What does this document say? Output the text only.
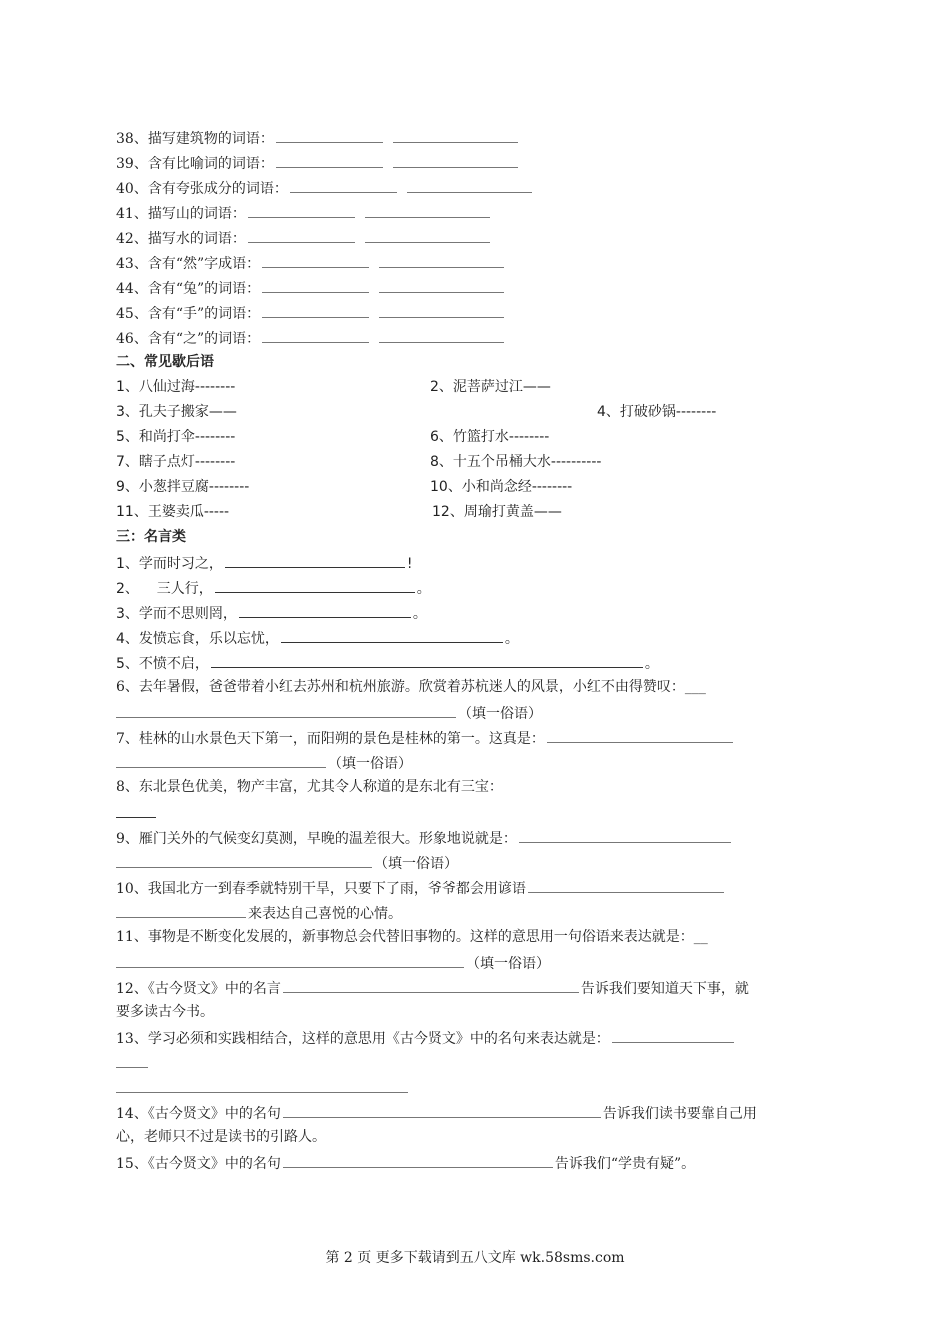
38、描写建筑物的词语：
39、含有比喻词的词语：
40、含有夸张成分的词语：
41、描写山的词语：
42、描写水的词语：
43、含有“然”字成语：
44、含有“兔”的词语：
45、含有“手”的词语：
46、含有“之”的词语：
二、常见歇后语
1、八仙过海--------	2、泥菩萨过江——
3、孔夫子搬家——	4、打破砂锅--------
5、和尚打伞--------	6、竹篮打水--------
7、瞎子点灯--------	8、十五个吊桶大水----------
9、小葱拌豆腐--------	10、小和尚念经--------
11、王婆卖瓜-----	12、周瑜打黄盖——
三：名言类
1、学而时习之，	!
2、    三人行，	。
3、学而不思则罔，	。
4、发愤忘食，乐以忘忧，	。
5、不愤不启，	。
6、去年暑假，爸爸带着小红去苏州和杭州旅游。欣赏着苏杭迷人的风景，小红不由得赞叹：___
（填一俗语）
7、桂林的山水景色天下第一，而阳朔的景色是桂林的第一。这真是：
（填一俗语）
8、东北景色优美，物产丰富，尤其令人称道的是东北有三宝：
9、雁门关外的气候变幻莫测，早晚的温差很大。形象地说就是：
（填一俗语）
10、我国北方一到春季就特别干旱，只要下了雨，爷爷都会用谚语
来表达自己喜悦的心情。
11、事物是不断变化发展的，新事物总会代替旧事物的。这样的意思用一句俗语来表达就是：__
（填一俗语）
12、《古今贤文》中的名言	告诉我们要知道天下事，就
要多读古今书。
13、学习必须和实践相结合，这样的意思用《古今贤文》中的名句来表达就是：
14、《古今贤文》中的名句	告诉我们读书要靠自己用
心，老师只不过是读书的引路人。
15、《古今贤文》中的名句	告诉我们“学贵有疑”。
第 2 页 更多下载请到五八文库 wk.58sms.com
